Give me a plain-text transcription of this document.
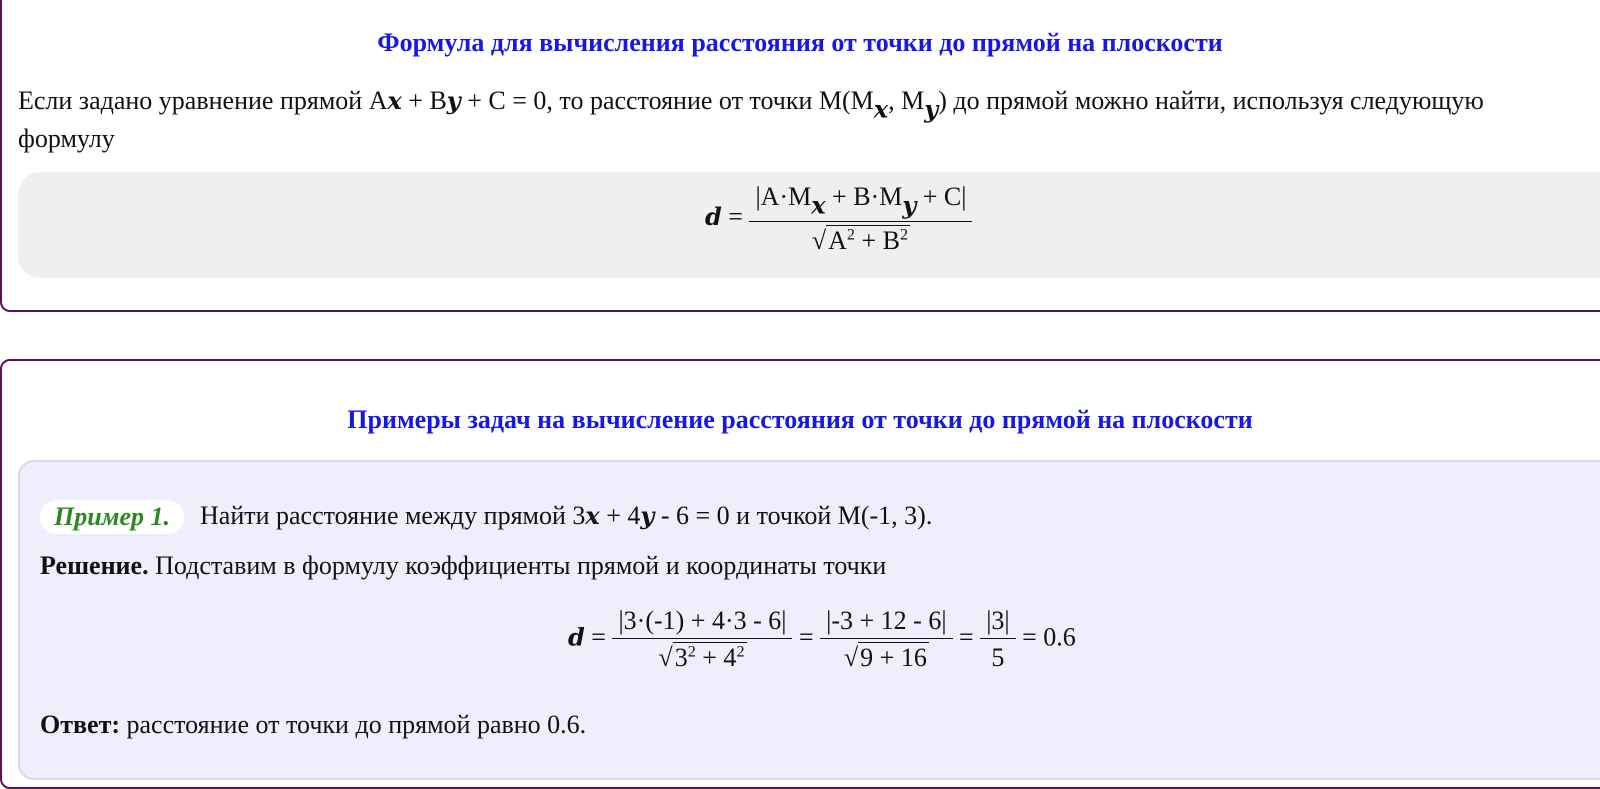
Формула для вычисления расстояния от точки до прямой на плоскости
Если задано уравнение прямой Ax + By + C = 0, то расстояние от точки $M(M_x$, $M_y$) до прямой можно найти, используя следующую
формулу
$d = \frac{|A\cdot M_x + B\cdot M_y + C|}{√A^2 + B^2}$
Примеры задач на вычисление расстояния от точки до прямой на плоскости
Пример 1.	Найти расстояние между прямой 3x + 4y - 6 = 0 и точкой M(-1, 3).
Решение. Подставим в формулу коэффициенты прямой и координаты точки
$d = \frac{|3\cdot(-1) + 4\cdot 3 - 6|}{√3^2 + 4^2} = \frac{|-3 + 12 - 6|}{√9 + 16} = \frac{|3|}{5} = 0.6$
Ответ: расстояние от точки до прямой равно 0.6.
